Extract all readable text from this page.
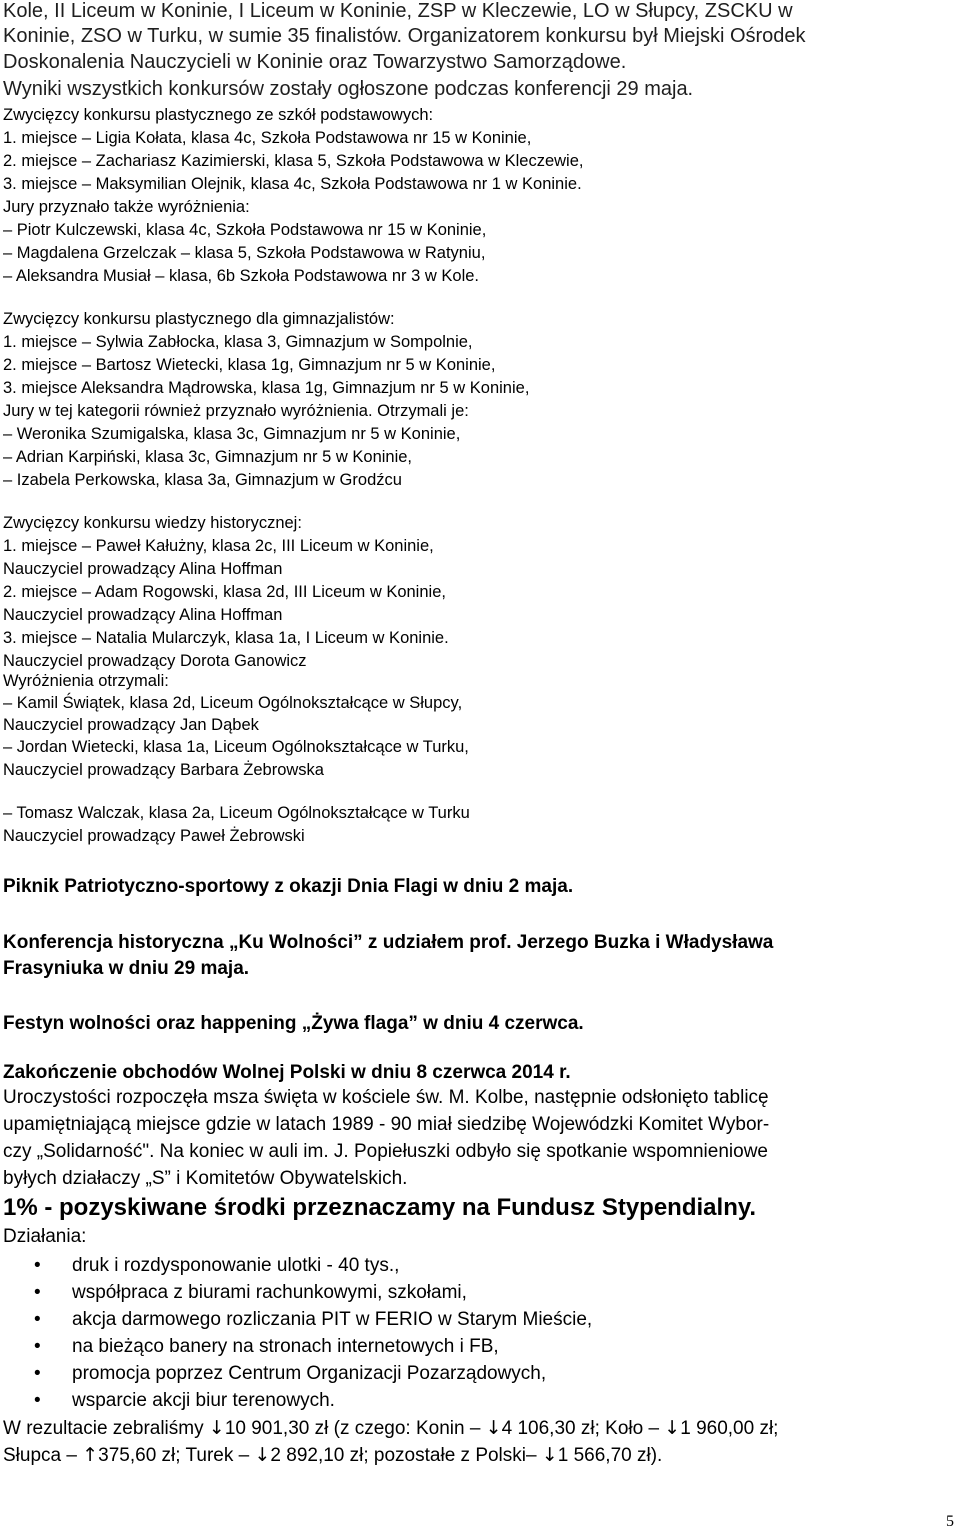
Kole, II Liceum w Koninie, I Liceum w Koninie, ZSP w Kleczewie, LO w Słupcy, ZSCKU w
Koninie, ZSO w Turku, w sumie 35 finalistów. Organizatorem konkursu był Miejski Ośrodek
Doskonalenia Nauczycieli w Koninie oraz Towarzystwo Samorządowe.
Wyniki wszystkich konkursów zostały ogłoszone podczas konferencji 29 maja.
Zwycięzcy konkursu plastycznego ze szkół podstawowych:
1. miejsce – Ligia Kołata, klasa 4c, Szkoła Podstawowa nr 15 w Koninie,
2. miejsce – Zachariasz Kazimierski, klasa 5, Szkoła Podstawowa w Kleczewie,
3. miejsce – Maksymilian Olejnik, klasa 4c, Szkoła Podstawowa nr 1 w Koninie.
Jury przyznało także wyróżnienia:
– Piotr Kulczewski, klasa 4c, Szkoła Podstawowa nr 15 w Koninie,
– Magdalena Grzelczak – klasa 5, Szkoła Podstawowa w Ratyniu,
– Aleksandra Musiał – klasa, 6b Szkoła Podstawowa nr 3 w Kole.
Zwycięzcy konkursu plastycznego dla gimnazjalistów:
1. miejsce – Sylwia Zabłocka, klasa 3, Gimnazjum w Sompolnie,
2. miejsce – Bartosz Wietecki, klasa 1g, Gimnazjum nr 5 w Koninie,
3. miejsce Aleksandra Mądrowska, klasa 1g, Gimnazjum nr 5 w Koninie,
Jury w tej kategorii również przyznało wyróżnienia. Otrzymali je:
– Weronika Szumigalska, klasa 3c, Gimnazjum nr 5 w Koninie,
– Adrian Karpiński, klasa 3c, Gimnazjum nr 5 w Koninie,
– Izabela Perkowska, klasa 3a, Gimnazjum w Grodźcu
Zwycięzcy konkursu wiedzy historycznej:
1. miejsce – Paweł Kałużny, klasa 2c, III Liceum w Koninie,
Nauczyciel prowadzący Alina Hoffman
2. miejsce – Adam Rogowski, klasa 2d, III Liceum w Koninie,
Nauczyciel prowadzący Alina Hoffman
3. miejsce – Natalia Mularczyk, klasa 1a, I Liceum w Koninie.
Nauczyciel prowadzący Dorota Ganowicz
Wyróżnienia otrzymali:
– Kamil Świątek, klasa 2d, Liceum Ogólnokształcące w Słupcy,
Nauczyciel prowadzący Jan Dąbek
– Jordan Wietecki, klasa 1a, Liceum Ogólnokształcące w Turku,
Nauczyciel prowadzący Barbara Żebrowska
– Tomasz Walczak, klasa 2a, Liceum Ogólnokształcące w Turku
Nauczyciel prowadzący Paweł Żebrowski
Piknik Patriotyczno-sportowy z okazji Dnia Flagi w dniu 2 maja.
Konferencja historyczna „Ku Wolności” z udziałem prof. Jerzego Buzka i Władysława
Frasyniuka w dniu 29 maja.
Festyn wolności oraz happening „Żywa flaga” w dniu 4 czerwca.
Zakończenie obchodów Wolnej Polski w dniu 8 czerwca 2014 r.
Uroczystości rozpoczęła msza święta w kościele św. M. Kolbe, następnie odsłonięto tablicę
upamiętniającą miejsce gdzie w latach 1989 - 90 miał siedzibę Wojewódzki Komitet Wybor-
czy „Solidarność". Na koniec w auli im. J. Popiełuszki odbyło się spotkanie wspomnieniowe
byłych działaczy „S” i Komitetów Obywatelskich.
1% - pozyskiwane środki przeznaczamy na Fundusz Stypendialny.
Działania:
• druk i rozdysponowanie ulotki - 40 tys.,
• współpraca z biurami rachunkowymi, szkołami,
• akcja darmowego rozliczania PIT w FERIO w Starym Mieście,
• na bieżąco banery na stronach internetowych i FB,
• promocja poprzez Centrum Organizacji Pozarządowych,
• wsparcie akcji biur terenowych.
W rezultacie zebraliśmy ↓10 901,30 zł (z czego: Konin – ↓4 106,30 zł; Koło – ↓1 960,00 zł;
Słupca – ↑375,60 zł; Turek – ↓2 892,10 zł; pozostałe z Polski– ↓1 566,70 zł).
5
